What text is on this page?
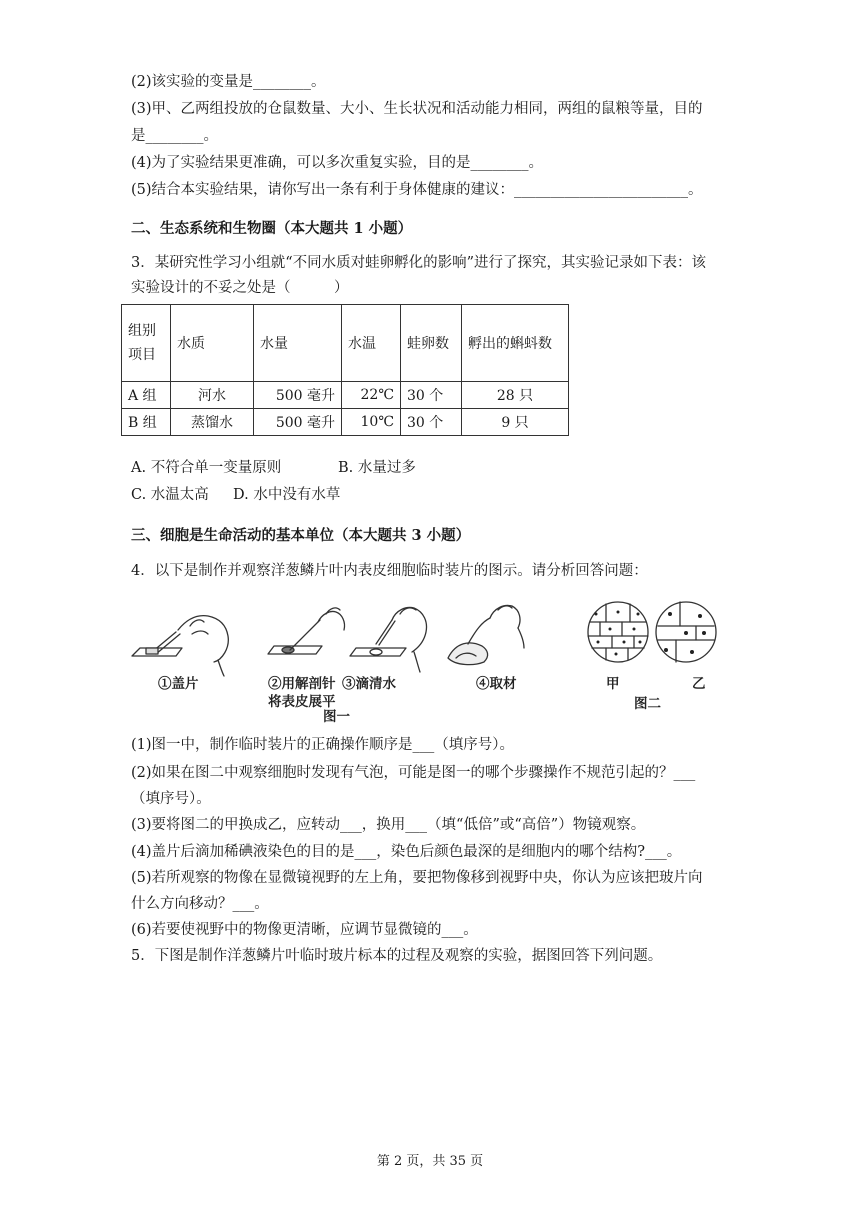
(2)该实验的变量是________。
(3)甲、乙两组投放的仓鼠数量、大小、生长状况和活动能力相同，两组的鼠粮等量，目的
是________。
(4)为了实验结果更准确，可以多次重复实验，目的是________。
(5)结合本实验结果，请你写出一条有利于身体健康的建议：________________________。
二、生态系统和生物圈（本大题共 1 小题）
3．某研究性学习小组就“不同水质对蛙卵孵化的影响”进行了探究，其实验记录如下表：该
实验设计的不妥之处是（　　　）
组别
项目	水质	水量	水温	蛙卵数	孵出的蝌蚪数
A 组	河水	500 毫升	22℃	30 个	28 只
B 组	蒸馏水	500 毫升	10℃	30 个	9 只
A. 不符合单一变量原则	B. 水量过多
C. 水温太高 D. 水中没有水草
三、细胞是生命活动的基本单位（本大题共 3 小题）
4．以下是制作并观察洋葱鳞片叶内表皮细胞临时装片的图示。请分析回答问题：
①盖片	②用解剖针
将表皮展平
③滴清水	④取材
图一
甲	乙
图二
(1)图一中，制作临时装片的正确操作顺序是___（填序号）。
(2)如果在图二中观察细胞时发现有气泡，可能是图一的哪个步骤操作不规范引起的？___
（填序号）。
(3)要将图二的甲换成乙，应转动___，换用___（填“低倍”或“高倍”）物镜观察。
(4)盖片后滴加稀碘液染色的目的是___，染色后颜色最深的是细胞内的哪个结构?___。
(5)若所观察的物像在显微镜视野的左上角，要把物像移到视野中央，你认为应该把玻片向
什么方向移动？___。
(6)若要使视野中的物像更清晰，应调节显微镜的___。
5．下图是制作洋葱鳞片叶临时玻片标本的过程及观察的实验，据图回答下列问题。
第 2 页，共 35 页
